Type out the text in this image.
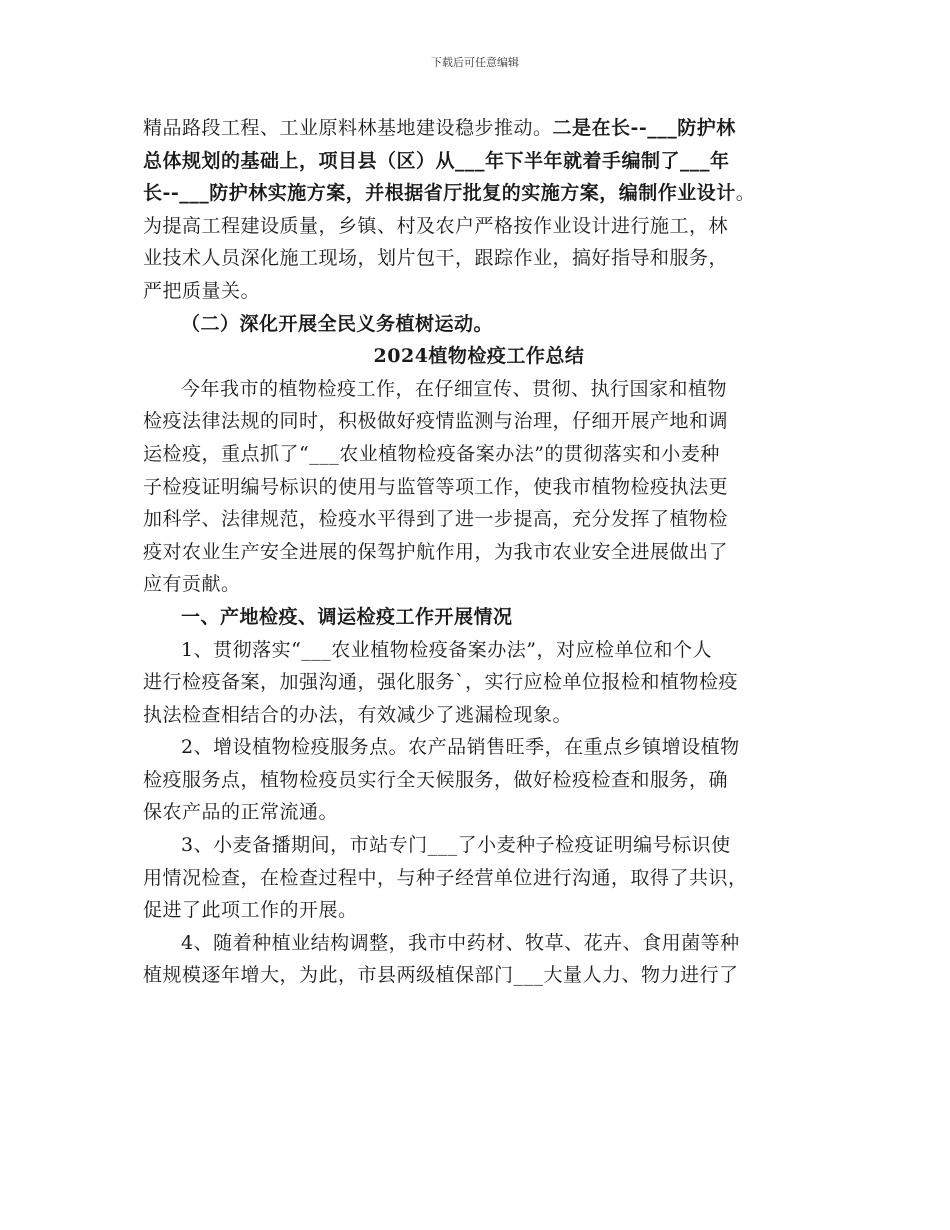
下载后可任意编辑
精品路段工程、工业原料林基地建设稳步推动。二是在长--___防护林
总体规划的基础上，项目县（区）从___年下半年就着手编制了___年
长--___防护林实施方案，并根据省厅批复的实施方案，编制作业设计。
为提高工程建设质量，乡镇、村及农户严格按作业设计进行施工，林
业技术人员深化施工现场，划片包干，跟踪作业，搞好指导和服务，
严把质量关。
（二）深化开展全民义务植树运动。
2024植物检疫工作总结
今年我市的植物检疫工作，在仔细宣传、贯彻、执行国家和植物
检疫法律法规的同时，积极做好疫情监测与治理，仔细开展产地和调
运检疫，重点抓了“___农业植物检疫备案办法”的贯彻落实和小麦种
子检疫证明编号标识的使用与监管等项工作，使我市植物检疫执法更
加科学、法律规范，检疫水平得到了进一步提高，充分发挥了植物检
疫对农业生产安全进展的保驾护航作用，为我市农业安全进展做出了
应有贡献。
一、产地检疫、调运检疫工作开展情况
1、贯彻落实“___农业植物检疫备案办法”，对应检单位和个人
进行检疫备案，加强沟通，强化服务`，实行应检单位报检和植物检疫
执法检查相结合的办法，有效减少了逃漏检现象。
2、增设植物检疫服务点。农产品销售旺季，在重点乡镇增设植物
检疫服务点，植物检疫员实行全天候服务，做好检疫检查和服务，确
保农产品的正常流通。
3、小麦备播期间，市站专门___了小麦种子检疫证明编号标识使
用情况检查，在检查过程中，与种子经营单位进行沟通，取得了共识，
促进了此项工作的开展。
4、随着种植业结构调整，我市中药材、牧草、花卉、食用菌等种
植规模逐年增大，为此，市县两级植保部门___大量人力、物力进行了
